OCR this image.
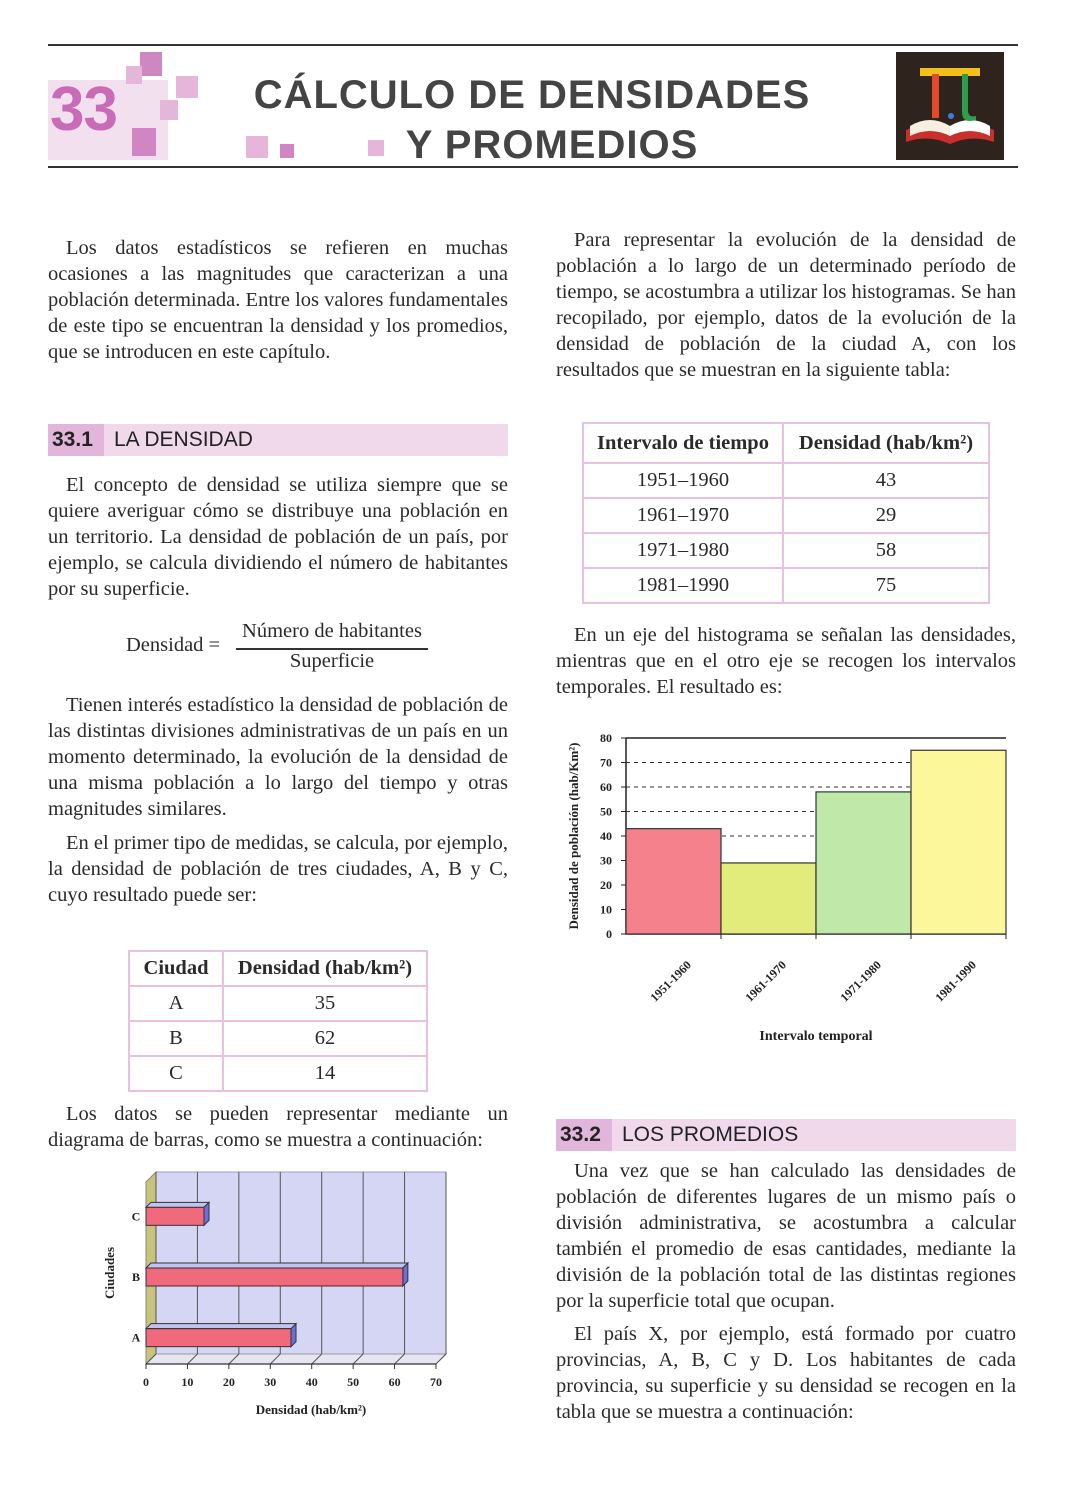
33	CÁLCULO DE DENSIDADES
Y PROMEDIOS

Los datos estadísticos se refieren en muchas ocasiones a las magnitudes que caracterizan a una población determinada. Entre los valores fundamentales de este tipo se encuentran la densidad y los promedios, que se introducen en este capítulo.

33.1 LA DENSIDAD

El concepto de densidad se utiliza siempre que se quiere averiguar cómo se distribuye una población en un territorio. La densidad de población de un país, por ejemplo, se calcula dividiendo el número de habitantes por su superficie.

Densidad =
Número de habitantes
Superficie

Tienen interés estadístico la densidad de población de las distintas divisiones administrativas de un país en un momento determinado, la evolución de la densidad de una misma población a lo largo del tiempo y otras magnitudes similares.

En el primer tipo de medidas, se calcula, por ejemplo, la densidad de población de tres ciudades, A, B y C, cuyo resultado puede ser:

Ciudad	Densidad (hab/km²)
A	35
B	62
C	14

Los datos se pueden representar mediante un diagrama de barras, como se muestra a continuación:

0	10 20 30 40 50 60 70
A
B
C
Densidad (hab/km²)
Ciudades

Para representar la evolución de la densidad de población a lo largo de un determinado período de tiempo, se acostumbra a utilizar los histogramas. Se han recopilado, por ejemplo, datos de la evolución de la densidad de población de la ciudad A, con los resultados que se muestran en la siguiente tabla:

Intervalo de tiempo	Densidad (hab/km²)
1951–1960	43
1961–1970	29
1971–1980	58
1981–1990	75

En un eje del histograma se señalan las densidades, mientras que en el otro eje se recogen los intervalos temporales. El resultado es:

1951-1960	1961-1970	1971-1980	1981-1990
0
10
20
30
40
50
60
70
80
Intervalo temporal
Densidad de población (hab/Km²)
33.2 LOS PROMEDIOS

Una vez que se han calculado las densidades de población de diferentes lugares de un mismo país o división administrativa, se acostumbra a calcular también el promedio de esas cantidades, mediante la división de la población total de las distintas regiones por la superficie total que ocupan.

El país X, por ejemplo, está formado por cuatro provincias, A, B, C y D. Los habitantes de cada provincia, su superficie y su densidad se recogen en la tabla que se muestra a continuación:
